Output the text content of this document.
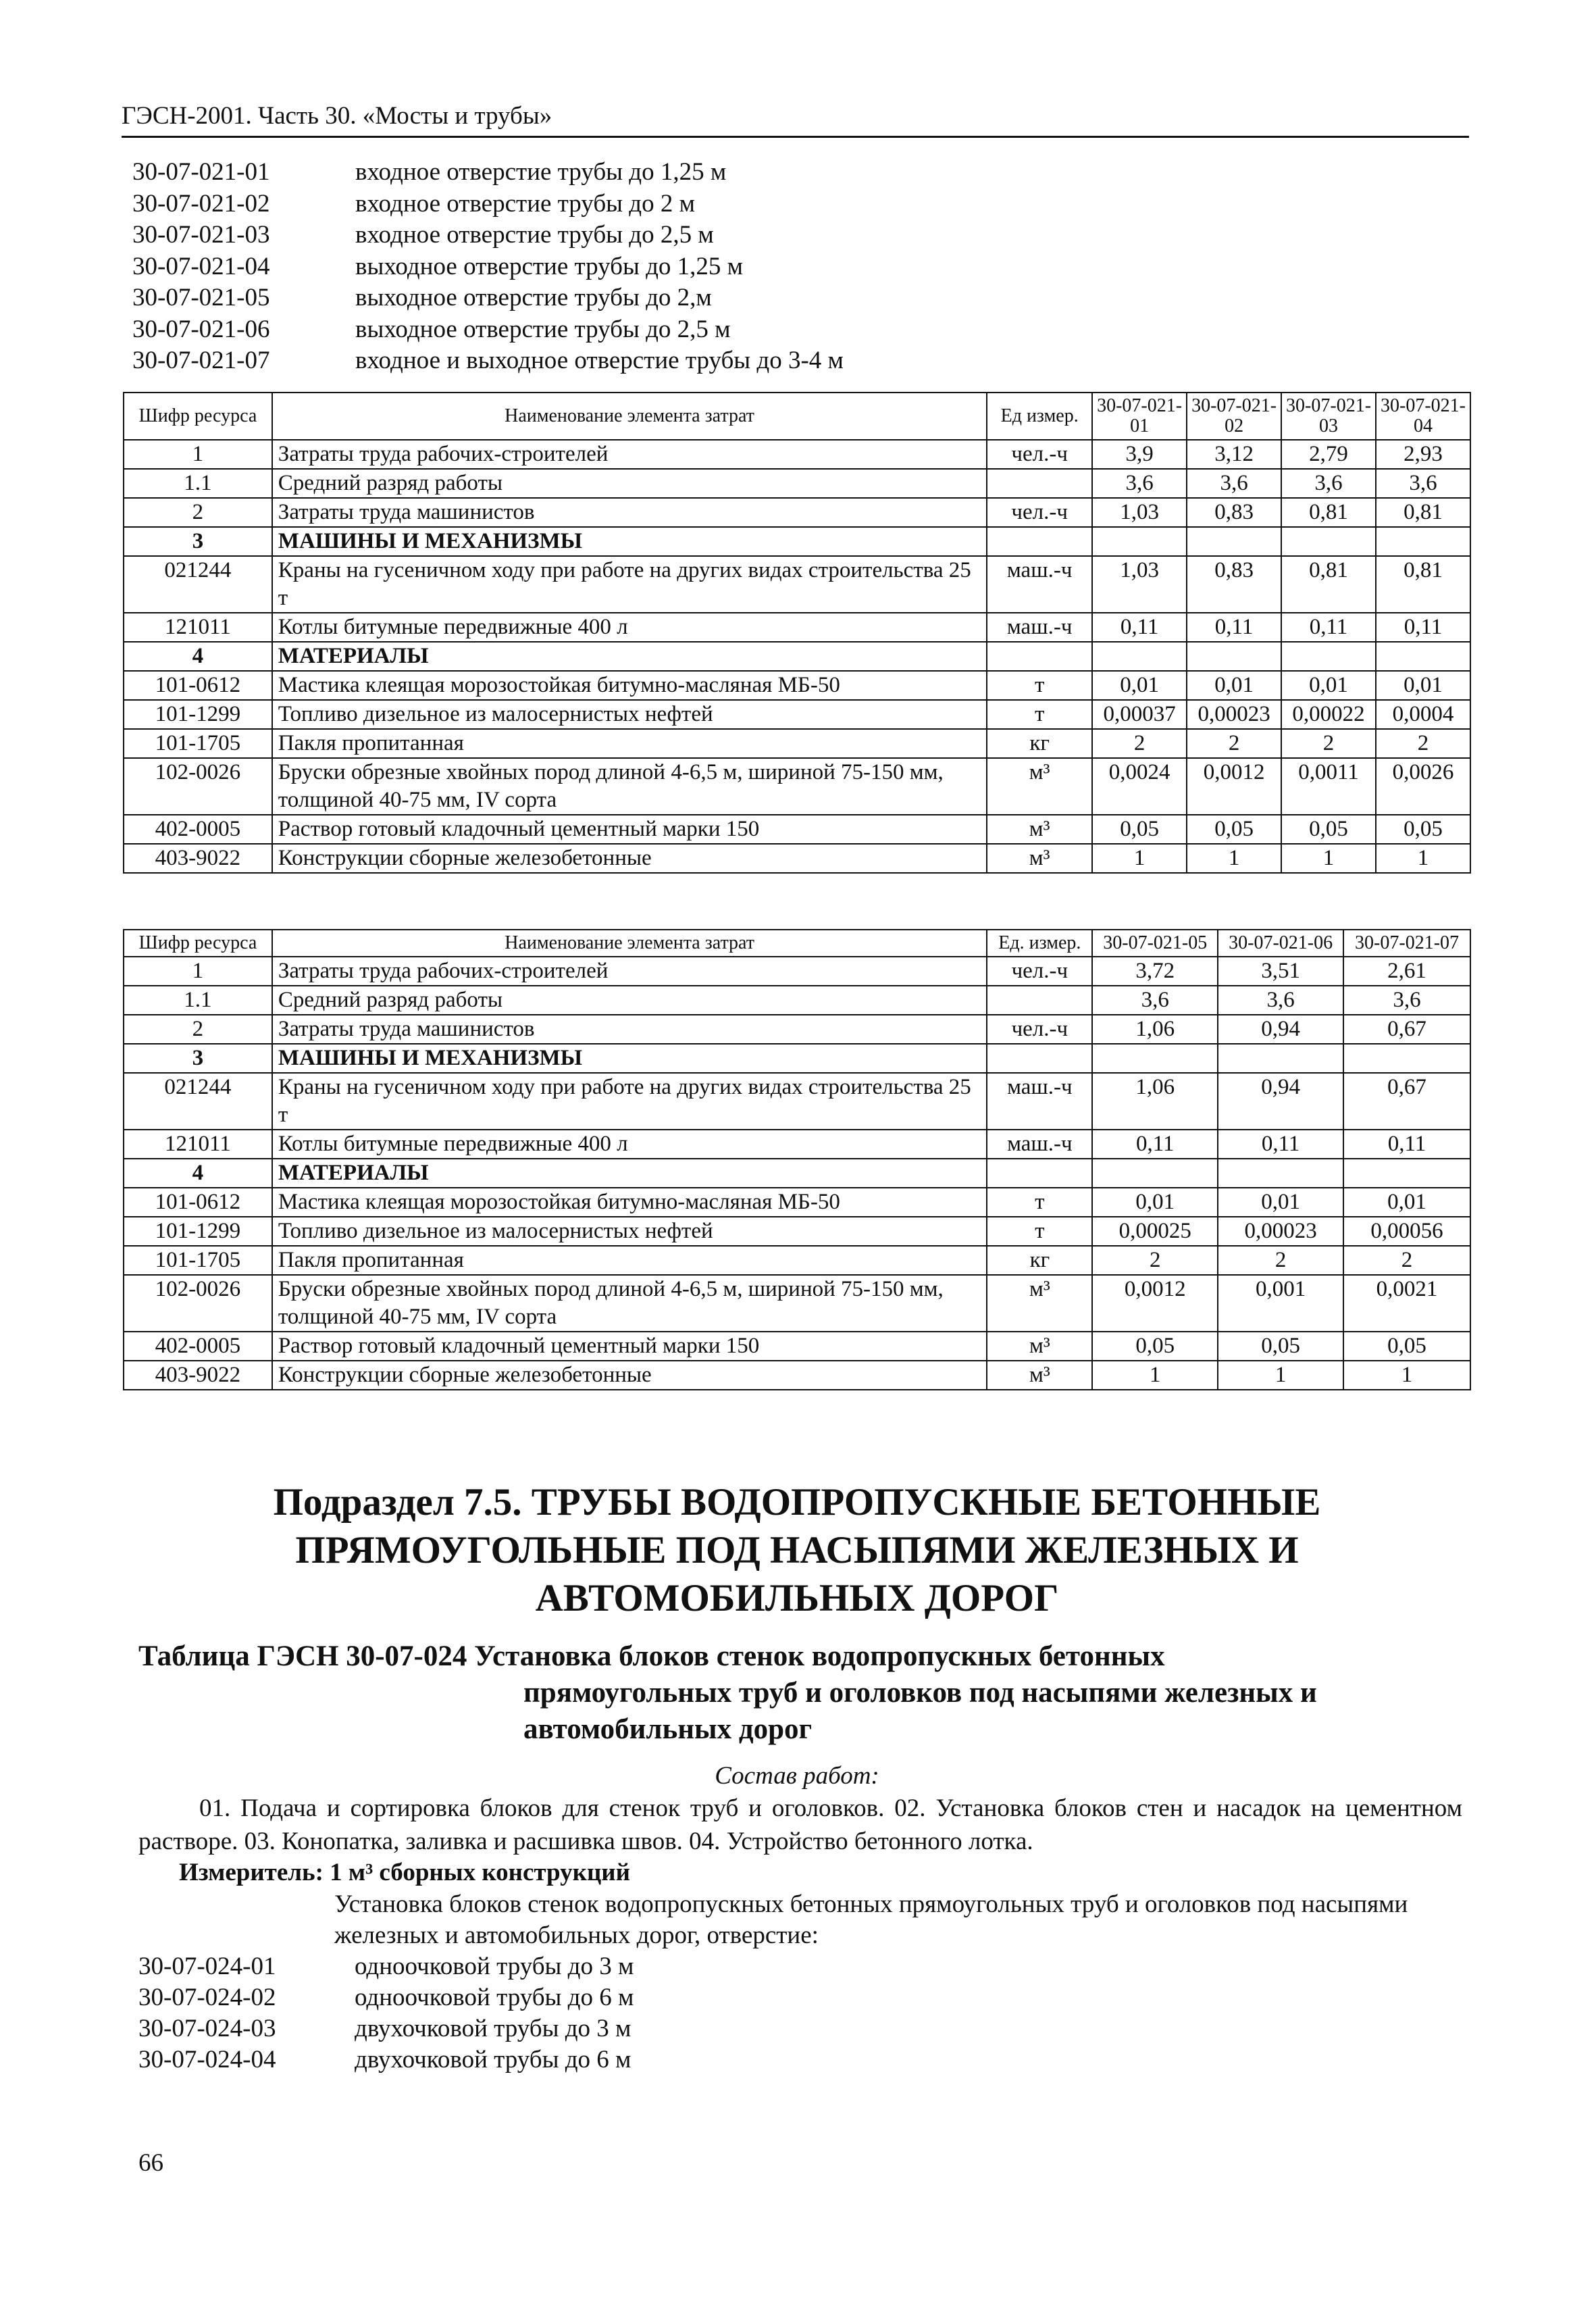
ГЭСН-2001. Часть 30. «Мосты и трубы»
30-07-021-01	входное отверстие трубы до 1,25 м
30-07-021-02	входное отверстие трубы до 2 м
30-07-021-03	входное отверстие трубы до 2,5 м
30-07-021-04	выходное отверстие трубы до 1,25 м
30-07-021-05	выходное отверстие трубы до 2,м
30-07-021-06	выходное отверстие трубы до 2,5 м
30-07-021-07	входное и выходное отверстие трубы до 3-4 м
Шифр ресурса	Наименование элемента затрат	Ед измер.	30-07-021-01	30-07-021-02	30-07-021-03	30-07-021-04
1	Затраты труда рабочих-строителей	чел.-ч	3,9	3,12	2,79	2,93
1.1	Средний разряд работы		3,6	3,6	3,6	3,6
2	Затраты труда машинистов	чел.-ч	1,03	0,83	0,81	0,81
3	МАШИНЫ И МЕХАНИЗМЫ					
021244	Краны на гусеничном ходу при работе на других видах строительства 25 т	маш.-ч	1,03	0,83	0,81	0,81
121011	Котлы битумные передвижные 400 л	маш.-ч	0,11	0,11	0,11	0,11
4	МАТЕРИАЛЫ					
101-0612	Мастика клеящая морозостойкая битумно-масляная МБ-50	т	0,01	0,01	0,01	0,01
101-1299	Топливо дизельное из малосернистых нефтей	т	0,00037	0,00023	0,00022	0,0004
101-1705	Пакля пропитанная	кг	2	2	2	2
102-0026	Бруски обрезные хвойных пород длиной 4-6,5 м, шириной 75-150 мм, толщиной 40-75 мм, IV сорта	м³	0,0024	0,0012	0,0011	0,0026
402-0005	Раствор готовый кладочный цементный марки 150	м³	0,05	0,05	0,05	0,05
403-9022	Конструкции сборные железобетонные	м³	1	1	1	1
Шифр ресурса	Наименование элемента затрат	Ед. измер.	30-07-021-05	30-07-021-06	30-07-021-07
1	Затраты труда рабочих-строителей	чел.-ч	3,72	3,51	2,61
1.1	Средний разряд работы		3,6	3,6	3,6
2	Затраты труда машинистов	чел.-ч	1,06	0,94	0,67
3	МАШИНЫ И МЕХАНИЗМЫ				
021244	Краны на гусеничном ходу при работе на других видах строительства 25 т	маш.-ч	1,06	0,94	0,67
121011	Котлы битумные передвижные 400 л	маш.-ч	0,11	0,11	0,11
4	МАТЕРИАЛЫ				
101-0612	Мастика клеящая морозостойкая битумно-масляная МБ-50	т	0,01	0,01	0,01
101-1299	Топливо дизельное из малосернистых нефтей	т	0,00025	0,00023	0,00056
101-1705	Пакля пропитанная	кг	2	2	2
102-0026	Бруски обрезные хвойных пород длиной 4-6,5 м, шириной 75-150 мм, толщиной 40-75 мм, IV сорта	м³	0,0012	0,001	0,0021
402-0005	Раствор готовый кладочный цементный марки 150	м³	0,05	0,05	0,05
403-9022	Конструкции сборные железобетонные	м³	1	1	1
Подраздел 7.5. ТРУБЫ ВОДОПРОПУСКНЫЕ БЕТОННЫЕ
ПРЯМОУГОЛЬНЫЕ ПОД НАСЫПЯМИ ЖЕЛЕЗНЫХ И
АВТОМОБИЛЬНЫХ ДОРОГ
Таблица ГЭСН 30-07-024 Установка блоков стенок водопропускных бетонных
прямоугольных труб и оголовков под насыпями железных и
автомобильных дорог
Состав работ:
01. Подача и сортировка блоков для стенок труб и оголовков. 02. Установка блоков стен и насадок на цементном растворе. 03. Конопатка, заливка и расшивка швов. 04. Устройство бетонного лотка.
Измеритель: 1 м³ сборных конструкций
Установка блоков стенок водопропускных бетонных прямоугольных труб и оголовков под насыпями железных и автомобильных дорог, отверстие:
30-07-024-01	одноочковой трубы до 3 м
30-07-024-02	одноочковой трубы до 6 м
30-07-024-03	двухочковой трубы до 3 м
30-07-024-04	двухочковой трубы до 6 м
66
